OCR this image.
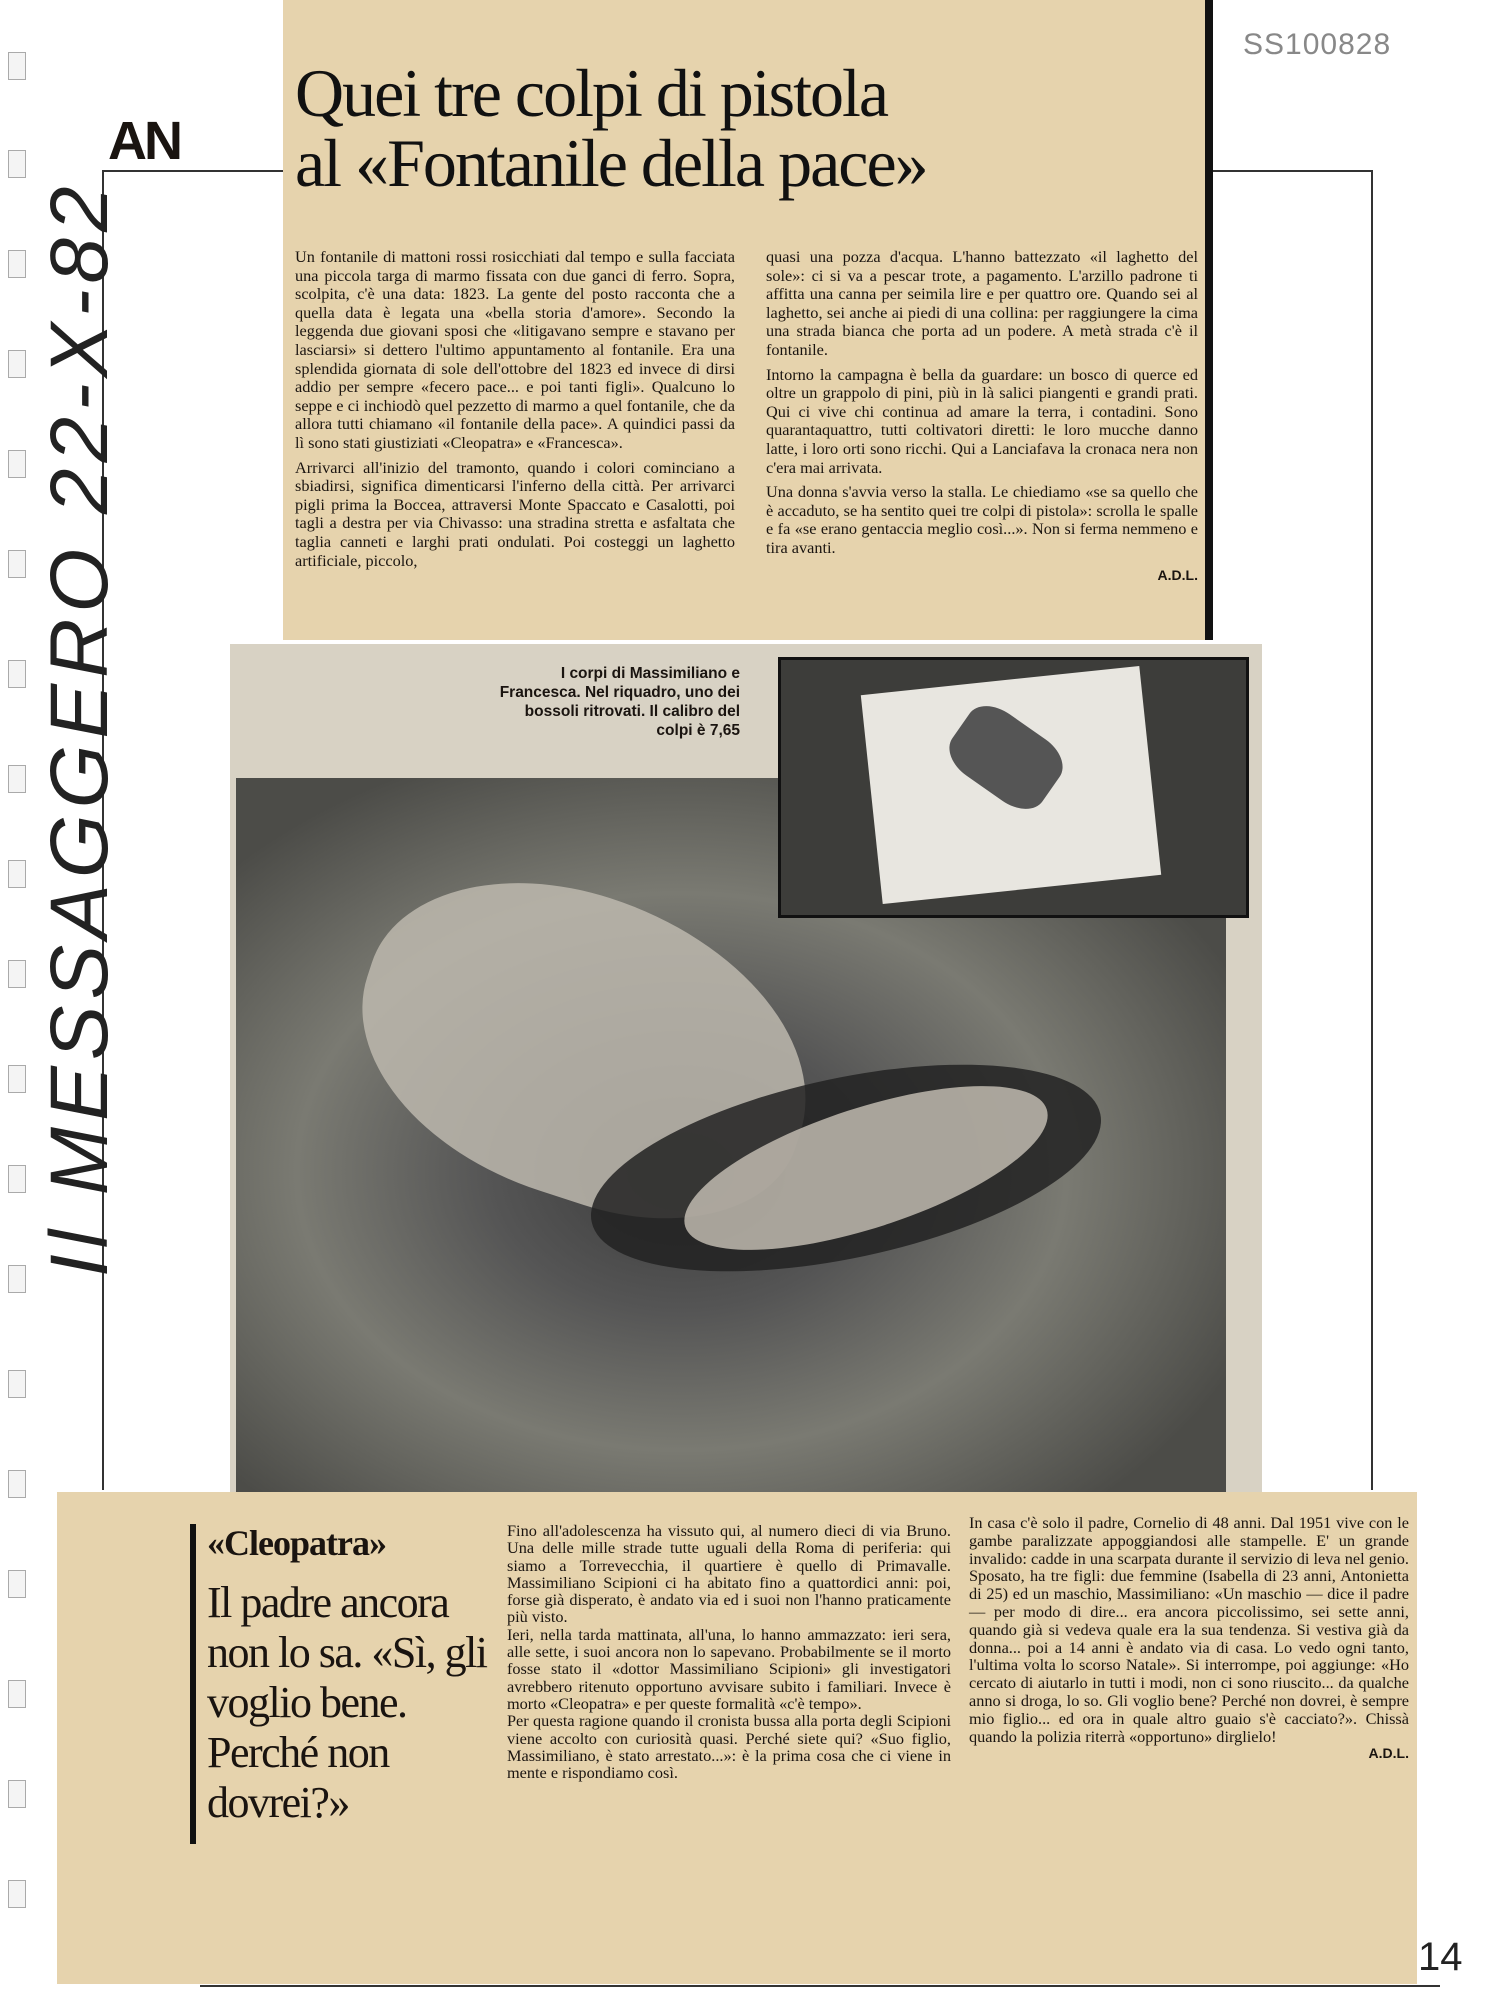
AN
SS100828
Il MESSAGGERO 22-X-82
Quei tre colpi di pistola
al «Fontanile della pace»

Un fontanile di mattoni rossi rosicchiati dal tempo e sulla facciata una piccola targa di marmo fissata con due ganci di ferro. Sopra, scolpita, c'è una data: 1823. La gente del posto racconta che a quella data è legata una «bella storia d'amore». Secondo la leggenda due giovani sposi che «litigavano sempre e stavano per lasciarsi» si dettero l'ultimo appuntamento al fontanile. Era una splendida giornata di sole dell'ottobre del 1823 ed invece di dirsi addio per sempre «fecero pace... e poi tanti figli». Qualcuno lo seppe e ci inchiodò quel pezzetto di marmo a quel fontanile, che da allora tutti chiamano «il fontanile della pace». A quindici passi da lì sono stati giustiziati «Cleopatra» e «Francesca».

Arrivarci all'inizio del tramonto, quando i colori cominciano a sbiadirsi, significa dimenticarsi l'inferno della città. Per arrivarci pigli prima la Boccea, attraversi Monte Spaccato e Casalotti, poi tagli a destra per via Chivasso: una stradina stretta e asfaltata che taglia canneti e larghi prati ondulati. Poi costeggi un laghetto artificiale, piccolo,

quasi una pozza d'acqua. L'hanno battezzato «il laghetto del sole»: ci si va a pescar trote, a pagamento. L'arzillo padrone ti affitta una canna per seimila lire e per quattro ore. Quando sei al laghetto, sei anche ai piedi di una collina: per raggiungere la cima una strada bianca che porta ad un podere. A metà strada c'è il fontanile.

Intorno la campagna è bella da guardare: un bosco di querce ed oltre un grappolo di pini, più in là salici piangenti e grandi prati. Qui ci vive chi continua ad amare la terra, i contadini. Sono quarantaquattro, tutti coltivatori diretti: le loro mucche danno latte, i loro orti sono ricchi. Qui a Lanciafava la cronaca nera non c'era mai arrivata.

Una donna s'avvia verso la stalla. Le chiediamo «se sa quello che è accaduto, se ha sentito quei tre colpi di pistola»: scrolla le spalle e fa «se erano gentaccia meglio così...». Non si ferma nemmeno e tira avanti.

A.D.L.
I corpi di Massimiliano e Francesca. Nel riquadro, uno dei bossoli ritrovati. Il calibro del colpi è 7,65
«Cleopatra»
Il padre ancora non lo sa. «Sì, gli voglio bene. Perché non dovrei?»

Fino all'adolescenza ha vissuto qui, al numero dieci di via Bruno. Una delle mille strade tutte uguali della Roma di periferia: qui siamo a Torrevecchia, il quartiere è quello di Primavalle. Massimiliano Scipioni ci ha abitato fino a quattordici anni: poi, forse già disperato, è andato via ed i suoi non l'hanno praticamente più visto.

Ieri, nella tarda mattinata, all'una, lo hanno ammazzato: ieri sera, alle sette, i suoi ancora non lo sapevano. Probabilmente se il morto fosse stato il «dottor Massimiliano Scipioni» gli investigatori avrebbero ritenuto opportuno avvisare subito i familiari. Invece è morto «Cleopatra» e per queste formalità «c'è tempo».

Per questa ragione quando il cronista bussa alla porta degli Scipioni viene accolto con curiosità quasi. Perché siete qui? «Suo figlio, Massimiliano, è stato arrestato...»: è la prima cosa che ci viene in mente e rispondiamo così.

In casa c'è solo il padre, Cornelio di 48 anni. Dal 1951 vive con le gambe paralizzate appoggiandosi alle stampelle. E' un grande invalido: cadde in una scarpata durante il servizio di leva nel genio. Sposato, ha tre figli: due femmine (Isabella di 23 anni, Antonietta di 25) ed un maschio, Massimiliano: «Un maschio — dice il padre — per modo di dire... era ancora piccolissimo, sei sette anni, quando già si vedeva quale era la sua tendenza. Si vestiva già da donna... poi a 14 anni è andato via di casa. Lo vedo ogni tanto, l'ultima volta lo scorso Natale». Si interrompe, poi aggiunge: «Ho cercato di aiutarlo in tutti i modi, non ci sono riuscito... da qualche anno si droga, lo so. Gli voglio bene? Perché non dovrei, è sempre mio figlio... ed ora in quale altro guaio s'è cacciato?». Chissà quando la polizia riterrà «opportuno» dirglielo!

A.D.L.
14
